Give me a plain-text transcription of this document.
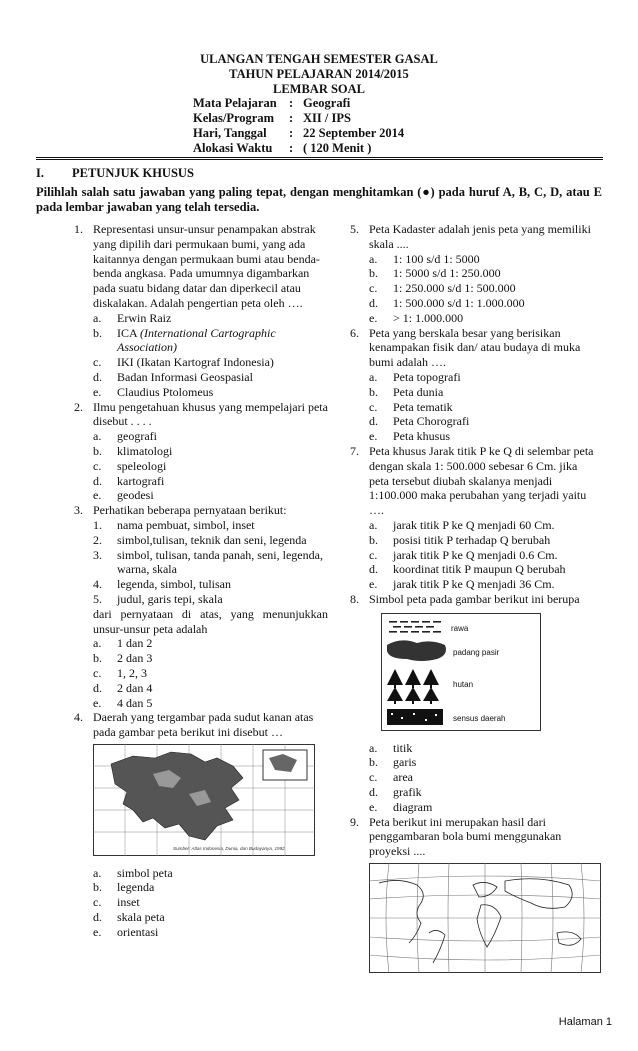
ULANGAN TENGAH SEMESTER GASAL
TAHUN PELAJARAN 2014/2015
LEMBAR SOAL
Mata Pelajaran : Geografi
Kelas/Program	: XII / IPS
Hari, Tanggal	: 22 September 2014
Alokasi Waktu	: ( 120 Menit )
I. PETUNJUK KHUSUS
Pilihlah salah satu jawaban yang paling tepat, dengan menghitamkan (●) pada huruf A, B, C, D, atau E pada lembar jawaban yang telah tersedia.
1. Representasi unsur-unsur penampakan abstrak yang dipilih dari permukaan bumi, yang ada kaitannya dengan permukaan bumi atau benda-benda angkasa. Pada umumnya digambarkan pada suatu bidang datar dan diperkecil atau diskalakan. Adalah pengertian peta oleh ….
a. Erwin Raiz
b. ICA (International Cartographic Association)
c. IKI (Ikatan Kartograf Indonesia)
d. Badan Informasi Geospasial
e. Claudius Ptolomeus
2. Ilmu pengetahuan khusus yang mempelajari peta disebut . . . .
a. geografi
b. klimatologi
c. speleologi
d. kartografi
e. geodesi
3. Perhatikan beberapa pernyataan berikut:
1. nama pembuat, simbol, inset
2. simbol,tulisan, teknik dan seni, legenda
3. simbol, tulisan, tanda panah, seni, legenda, warna, skala
4. legenda, simbol, tulisan
5. judul, garis tepi, skala
dari pernyataan di atas, yang menunjukkan unsur-unsur peta adalah
a. 1 dan 2
b. 2 dan 3
c. 1, 2, 3
d. 2 dan 4
e. 4 dan 5
4. Daerah yang tergambar pada sudut kanan atas pada gambar peta berikut ini disebut …
Sumber: Atlas Indonesia, Dunia, dan Budayanya, 1992
a. simbol peta
b. legenda
c. inset
d. skala peta
e. orientasi
5. Peta Kadaster adalah jenis peta yang memiliki skala ....
a. 1: 100 s/d 1: 5000
b. 1: 5000 s/d 1: 250.000
c. 1: 250.000 s/d 1: 500.000
d. 1: 500.000 s/d 1: 1.000.000
e. > 1: 1.000.000
6. Peta yang berskala besar yang berisikan kenampakan fisik dan/ atau budaya di muka bumi adalah ….
a. Peta topografi
b. Peta dunia
c. Peta tematik
d. Peta Chorografi
e. Peta khusus
7. Peta khusus Jarak titik P ke Q di selembar peta dengan skala 1: 500.000 sebesar 6 Cm. jika peta tersebut diubah skalanya menjadi 1:100.000 maka perubahan yang terjadi yaitu ….
a. jarak titik P ke Q menjadi 60 Cm.
b. posisi titik P terhadap Q berubah
c. jarak titik P ke Q menjadi 0.6 Cm.
d. koordinat titik P maupun Q berubah
e. jarak titik P ke Q menjadi 36 Cm.
8. Simbol peta pada gambar berikut ini berupa
rawa
padang pasir
hutan
sensus daerah
a. titik
b. garis
c. area
d. grafik
e. diagram
9. Peta berikut ini merupakan hasil dari penggambaran bola bumi menggunakan proyeksi ....
Halaman 1
